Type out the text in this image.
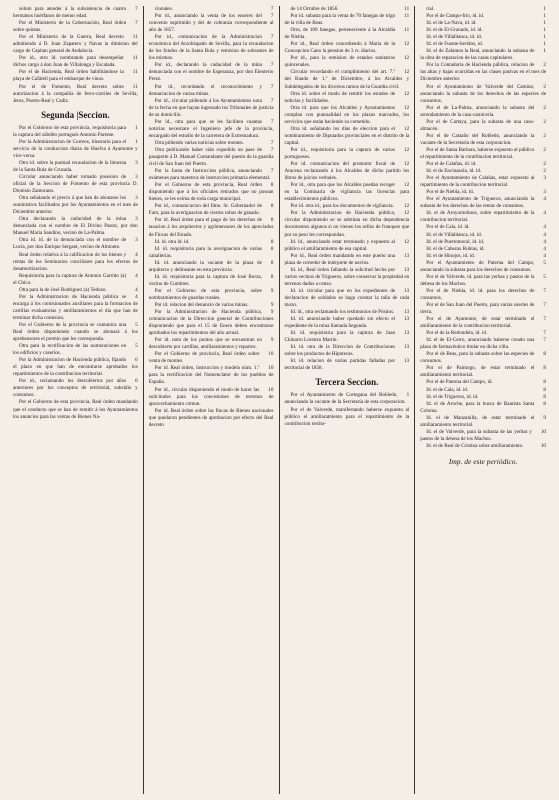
7
solutó para atender á la subsistencia de cuatro hermanos huérfanos de menor edad.

7
Por el Ministerio de la Gobernación, Real órden sobre quintas.

11
Por el Ministerio de la Guerra, Real decreto admitiendo á D. Juan Zapatero y Navas la dimision del cargo de Capitan general de Andalucía.

11
Por id., otro id. nombrando para desempeñar dichos cargo á don Juan de Villalonga y Escalada.

11
Por el de Hacienda, Real órden habilitándose la playa de Cafalell para el embarque de vinos.

11
Por el de Fomento, Real decreto sobre autorizacion á la compañía de ferro-carriles de Sevilla, Jerez, Puerto-Real y Cadiz.

Segunda |Seccion.

1
Por el Gobierno de esta provincia, requisitoria para la captura del súbdito portugués Antonio Parente.

1
Por la Administracion de Correos, itinerario para el servicio de la conduccion diaria de Huelva á Ayamonte y vice-versa.

3
Otro id. sobre la puntual recaudacion de la limosna de la Santa Bula de Cruzada.

3
Circular anunciando haber tomado posesion de oficial de la Seccion de Fomento de esta provincia D. Dionisio Zamorano.

3
Otra señalando el precio á que han de abonarse los suministros facilitados por los Ayuntamientos en el mes de Diciembre anterior.

3
Otra declarando la caducidad de la mina denunciada con el nombre de El Divino Pastor, por don Manuel María Sandino, vecino de La-Palma.

3
Otra id. id. de la denunciada con el nombre de Lucía, por don Enrique Sergant, vecino de Almonte.

4
Real órden relativa á la calificacion de los bienes y rentas de los Seminarios conciliares para los efectos de desamortizacion.

4
Requisitoria para la captura de Antonio Garrido (a) el Chico.

4
Otra para la de José Rodríguez (a) Tedozo.

4
Por la Administracion de Hacienda pública se encarga á los comisionados auxiliares para la formacion de cartillas evaluatorias y amillaramientos el dia que han de terminar dicha comision.

5
Por el Gobierno de la provincia se comunica una Real órden disponiendo cuando se abonará á los aprehensores el premio que les corresponda.

5
Otra para la rectificacion de las numeraciones en los edificios y caseríos.

6
Por la Administracion de Hacienda pública, fijando el plazo en que han de encontrarse aprobados los repartimientos de la contribucion territorial.

6
Por id., reclamando los descubiertos por años anteriores por los conceptos de territorial, subsidio y consumos.

Por el Gobierno de esta provincia, Real órden mandando que el conducto que se han de remitir á los Ayuntamientos los anuncios para las ventas de Bienes Na-

7
cionales.

7
Por id., anunciando la venta de los enseres del convento suprimido y del de cobranza correspondiente al año de 1857.

7
Por id., comunicacion de la Administracion económica del Arzobispado de Sevilla, para la recaudacion de los fondos de la Santa Bula y remision de sobrantes de los mismos.

7
Por id., declarando la caducidad de la mina denunciada con el nombre de Esperanza, por don Eleuterio Perez.

7
Por id., recordando el reconocimiento y demarcacion de varias minas.

7
Por id., circular pidiendo á los Ayuntamientos nota de la fecha en que hayan ingresado los Tribunales de justicia de su domicilio.

7
Por id., otra para que se les faciliten cuantas noticias necesitare el Ingeniero jefe de la provincia, encargado del estudio de la carretera de Extremadura.

7
Otra pidiendo varias noticias sobre montes.

7
Otra publicando haber sido expedido un pase de pasaporte á D. Manuel Comandante del puesto de la guardia civil de San Juan del Puerto.

7
Por la Junta de Instruccion pública, anunciando exámenes para maestros de instruccion primaria elemental.

8
Por el Gobierno de esta provincia, Real órden disponiendo que á los oficiales retirados que no posean bienes, se les exima de toda carga municipal.

8
Por id., comunicacion del Ilmo. Sr. Gobernador de Faro, para la averiguacion de ciertos robos de ganado.

8
Por id. Real órden para el pago de los derechos de tasacion á los arquitectos y agrimensores de los apreciados de Fincas del Estado.

8
Id. id. otra id. id.

8
Id. id. requisitoria para la averiguacion de varias caballerías.

8
Id. id. anunciando la vacante de la plaza de arquitecto y delineante en esta provincia.

8
Id. id. requisitoria para la captura de José Borza, vecino de Cumbres.

9
Por el Gobierno de esta provincia, sobre nombramientos de guardas rurales.

9
Por id. relacion del denuncio de varias minas.

9
Por la Administracion de Hacienda pública, comunicacion de la Direccion general de Contribuciones disponiendo que para el 15 de Enero deben encontrarse aprobados los repartimientos del año actual.

9
Por id. nota de los puntos que se encuentran en descubierto por cartillas, amillaramientos y repartos.

10
Por el Gobierno de provincia, Real órden sobre venta de montes.

10
Por id. Real órden, instruccion y modelo núm. 1.º para la rectificacion del Nomenclator de los pueblos de España.

10
Por id., circular disponiendo el modo de hacer las solicitudes para los concesiones de terrenos de aprovechamiento comun.

Por id. Real órden sobre las fincas de Bienes nacionales que quedaron pendientes de aprobacion por efecto del Real decreto

11
de 14 Octubre de 1856.

11
Por id. subasta para la venta de 70 fanegas de trigo de la villa de Beas.

11
Otra, de 100 fanegas, perteneciente á la Alcaldía de Niebla.

12
Por id., Real órden concediendo á María de la Concepcion Cano la pension de 3 rs. diarios.

12
Por id., para la remision de estados sanitarios quincenales.

12
Circular recordando el cumplimiento del art. 7.º del Bando de 1.º de Diciembre, á los Alcaldes y Subdelegados de los diversos ramos de la Guardia civil.

12
Otra id. sobre el modo de remitir los estados de noticias y facilidades.

12
Otra id. para que los Alcaldes y Ayuntamientos cumplan con puntualidad en los plazos marcados, los servicios que están haciendo su cometido.

12
Otra id. señalando los dias de eleccion para el nombramiento de Diputados provinciales en el distrito de la capital.

12
Por id., requisitoria para la captura de varios portugueses.

12
Por id. comunicacion del promotor fiscal de Aracena reclamando á los Alcaldes de dicho partido los libros de juicios verbales.

12
Por id., otra para que los Alcaldes puedan recoger en la Comisaría de vigilancia las licencias para establecimientos públicos.

12
Por id. otra id., para los documentos de vigilancia.

12
Por la Administracion de Hacienda pública, circular disponiendo se se admitan en dicha dependencia documentos algunos si no vienen los sellos de franqueo que por su peso les correspondan.

12
Id. id., anunciando estar terminado y expuesto al público el amillaramiento de esa capital.

13
Por id., Real órden mandando en este puerto una plaza de corredor de intérprete de navíos.

13
Id. id., Real órden fallando la solicitud hecha por varios vecinos de Trigueros, sobre conservar la propiedad en terrenos dados a censo.

13
Id. id. circular para que en los expedientes de declaracion de soldados se haga constar la talla de cada mozo.

13
Id. id., otra reclamando los testimonios de Pósitos.

13
Id. id. anunciando haber quedado sin efecto el expediente de la mina llamada Segunda.

13
Id. id. requisitoria para la captura de Juan Chinarro Lorenzo Martin.

13
Id. id. otra de la Direccion de Contribuciones sobre los productos de Hipotecas.

13
Id. id. relacion de varias partidas falladas por territorial de 1858.

Tercera Seccion.

1
Por el Ayuntamiento de Cortegana del Robledo, anunciando la vacante de la Secretaría de esta corporacion.

Por el de Valverde, manifestando haberse expuesto al público el amillaramiento para el repartimiento de la contribucion territo-

1
rial.

1
Por el de Campo-frio, id. id.

1
Id. el de La-Nava, id. id.

1
Id. el de El-Granado, id. id.

1
Id. el de Villablanca, id. id.

1
Id. el de Fuente-heridos, id.

1
Id. el de Zalamea la Real, anunciando la subasta de la obra de reparacion de las casas capitulares.

2
Por la Contaduría de Hacienda pública, relacion de las altas y bajas ocurridas en las clases pasivas en el mes de Diciembre anterior.

2
Por el Ayuntamiento de Valverde del Camino, anunciando la subasta de los derechos de las especies de consumos.

2
Por el de La-Palma, anunciando la subasta del arrendamiento de la casa-carnicería.

2
Por el de Cartaya, para la subasta de una casa-almacén.

2
Por el de Castaño del Robledo, anunciando la vacante de la Secretaría de esta corporacion.

2
Por el de Santa Barbara, haberse expuesto al público el repartimiento de la contribucion territorial.

2
Por el de Calañas, id. id.

2
Id. el de Encinasola, id. id.

3
Por el Ayuntamiento de Calañas, estar expuesto al repartimiento de la contribucion territorial.

3
Por el de Niebla, id. id.

4
Por el Ayuntamiento de Trigueros, anunciando la subasta de los derechos de las rentas de consumos.

4
Id. el de Aroyomolinos, sobre repartimiento de la contribucion territorial.

4
Por el de Cala, id. id.

4
Id. el de Villablanca, id. id.

4
Id. el de Puertomoral, id. id.

4
Id. el de Cabezas Rubias, id.

4
Id. el de Hinojos, id. id.

5
Por el Ayuntamiento de Paterna del Campo, anunciando la subasta para los derechos de consumos.

5
Por el de Valverde, id. para las yerbas y pastos de la dehesa de los Machos.

7
Por el de Niebla, id. id. para los derechos de consumos.

7
Por el de San Juan del Puerto, para varias suertes de tierra.

7
Por el de Ayamonte, de estar terminado el amillaramiento de la contribucion territorial.

7
Por el de la Redondela, id. id.

7
Id. el de El-Cerro, anunciando haberse creado una plaza de farmacéutico titular en dicha villa.

8
Por el de Beas, para la subasta sobre las especies de consumos.

8
Por el de Paimogo, de estar terminado el amillaramiento territorial.

8
Por el de Paterna del Campo, id.

8
Id. el de Cala, id. id.

8
Id. el de Trigueros, id. id.

8
Id. el de Aroche, para la busca de Bautista Santa Coloma.

9
Id. el de Manzanilla, de estar terminado el amillaramiento territorial.

10
Id. el de Valverde, para la subasta de las yerbas y pastos de la dehesa de los Machos.

10
Id. el de Real de Cristina sobre amillaramiento.

Imp. de este periódico.
